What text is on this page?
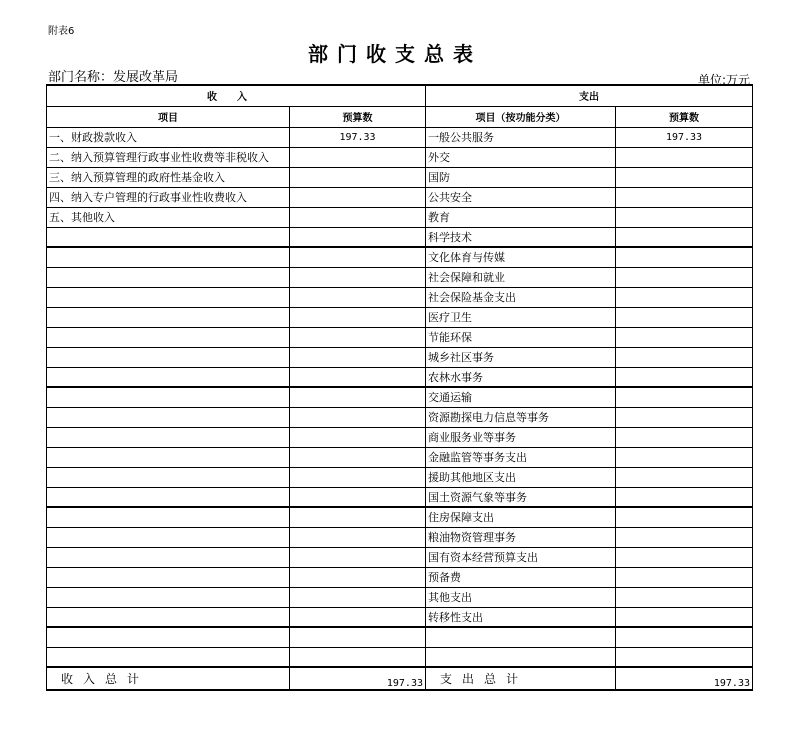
附表6
部门收支总表
部门名称：发展改革局	单位:万元
收　　入		支出	
项目	预算数	项目（按功能分类）	预算数
一、财政拨款收入	197.33	一般公共服务	197.33
二、纳入预算管理行政事业性收费等非税收入		外交	
三、纳入预算管理的政府性基金收入		国防	
四、纳入专户管理的行政事业性收费收入		公共安全	
五、其他收入		教育	
		科学技术	
		文化体育与传媒	
		社会保障和就业	
		社会保险基金支出	
		医疗卫生	
		节能环保	
		城乡社区事务	
		农林水事务	
		交通运输	
		资源勘探电力信息等事务	
		商业服务业等事务	
		金融监管等事务支出	
		援助其他地区支出	
		国土资源气象等事务	
		住房保障支出	
		粮油物资管理事务	
		国有资本经营预算支出	
		预备费	
		其他支出	
		转移性支出	

收入总计	197.33	支出总计	197.33
